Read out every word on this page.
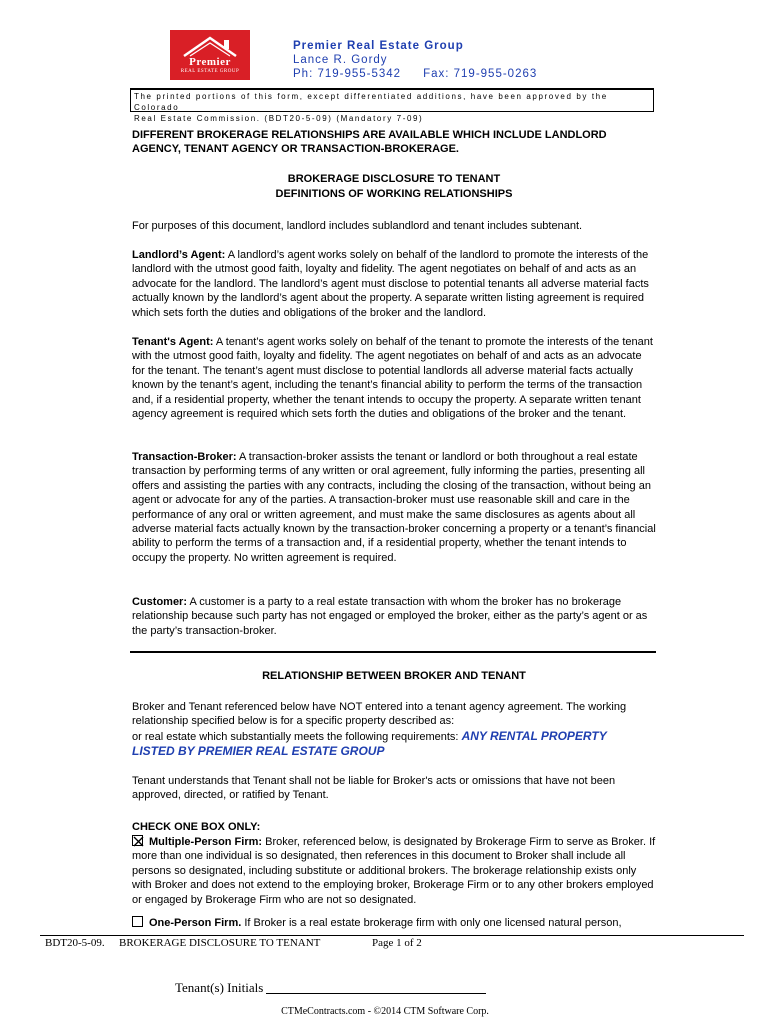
Premier
REAL ESTATE GROUP
Premier Real Estate Group
Lance R. Gordy
Ph: 719-955-5342 Fax: 719-955-0263
The printed portions of this form, except differentiated additions, have been approved by the Colorado
Real Estate Commission. (BDT20-5-09) (Mandatory 7-09)
DIFFERENT BROKERAGE RELATIONSHIPS ARE AVAILABLE WHICH INCLUDE LANDLORD AGENCY, TENANT AGENCY OR TRANSACTION-BROKERAGE.
BROKERAGE DISCLOSURE TO TENANT
DEFINITIONS OF WORKING RELATIONSHIPS
For purposes of this document, landlord includes sublandlord and tenant includes subtenant.
Landlord’s Agent: A landlord’s agent works solely on behalf of the landlord to promote the interests of the landlord with the utmost good faith, loyalty and fidelity. The agent negotiates on behalf of and acts as an advocate for the landlord. The landlord’s agent must disclose to potential tenants all adverse material facts actually known by the landlord’s agent about the property. A separate written listing agreement is required which sets forth the duties and obligations of the broker and the landlord.
Tenant's Agent: A tenant’s agent works solely on behalf of the tenant to promote the interests of the tenant with the utmost good faith, loyalty and fidelity. The agent negotiates on behalf of and acts as an advocate for the tenant. The tenant’s agent must disclose to potential landlords all adverse material facts actually known by the tenant’s agent, including the tenant’s financial ability to perform the terms of the transaction and, if a residential property, whether the tenant intends to occupy the property. A separate written tenant agency agreement is required which sets forth the duties and obligations of the broker and the tenant.
Transaction-Broker: A transaction-broker assists the tenant or landlord or both throughout a real estate transaction by performing terms of any written or oral agreement, fully informing the parties, presenting all offers and assisting the parties with any contracts, including the closing of the transaction, without being an agent or advocate for any of the parties. A transaction-broker must use reasonable skill and care in the performance of any oral or written agreement, and must make the same disclosures as agents about all adverse material facts actually known by the transaction-broker concerning a property or a tenant’s financial ability to perform the terms of a transaction and, if a residential property, whether the tenant intends to occupy the property. No written agreement is required.
Customer: A customer is a party to a real estate transaction with whom the broker has no brokerage relationship because such party has not engaged or employed the broker, either as the party’s agent or as the party’s transaction-broker.
RELATIONSHIP BETWEEN BROKER AND TENANT
Broker and Tenant referenced below have NOT entered into a tenant agency agreement. The working relationship specified below is for a specific property described as:
or real estate which substantially meets the following requirements: ANY RENTAL PROPERTY
LISTED BY PREMIER REAL ESTATE GROUP
Tenant understands that Tenant shall not be liable for Broker's acts or omissions that have not been approved, directed, or ratified by Tenant.
CHECK ONE BOX ONLY:
Multiple-Person Firm: Broker, referenced below, is designated by Brokerage Firm to serve as Broker. If more than one individual is so designated, then references in this document to Broker shall include all persons so designated, including substitute or additional brokers. The brokerage relationship exists only with Broker and does not extend to the employing broker, Brokerage Firm or to any other brokers employed or engaged by Brokerage Firm who are not so designated.
One-Person Firm. If Broker is a real estate brokerage firm with only one licensed natural person,
BDT20-5-09. BROKERAGE DISCLOSURE TO TENANT	Page 1 of 2
Tenant(s) Initials
CTMeContracts.com - ©2014 CTM Software Corp.
